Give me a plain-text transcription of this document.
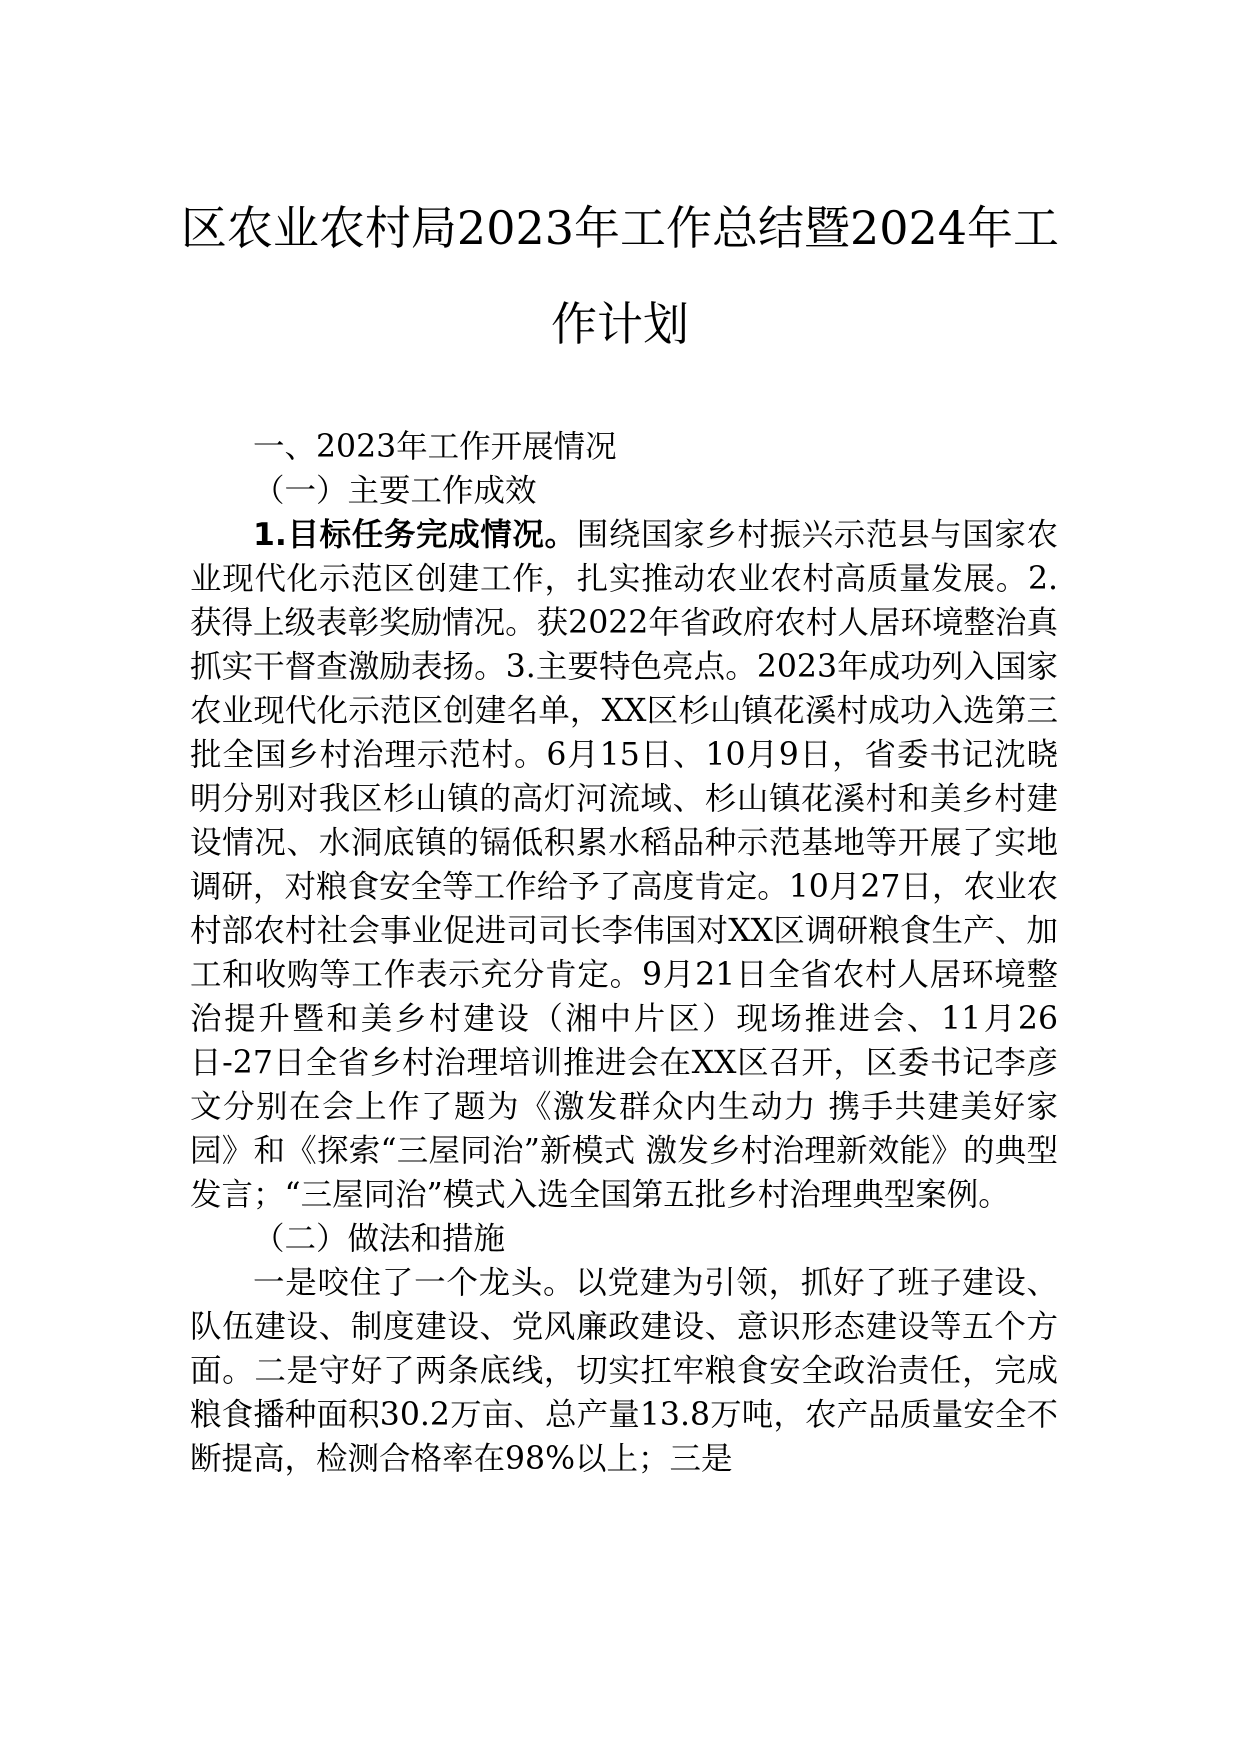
区农业农村局2023年工作总结暨2024年工
作计划

一、2023年工作开展情况

（一）主要工作成效

1.目标任务完成情况。围绕国家乡村振兴示范县与国家农业现代化示范区创建工作，扎实推动农业农村高质量发展。2.获得上级表彰奖励情况。获2022年省政府农村人居环境整治真抓实干督查激励表扬。3.主要特色亮点。2023年成功列入国家农业现代化示范区创建名单，XX区杉山镇花溪村成功入选第三批全国乡村治理示范村。6月15日、10月9日，省委书记沈晓明分别对我区杉山镇的高灯河流域、杉山镇花溪村和美乡村建设情况、水洞底镇的镉低积累水稻品种示范基地等开展了实地调研，对粮食安全等工作给予了高度肯定。10月27日，农业农村部农村社会事业促进司司长李伟国对XX区调研粮食生产、加工和收购等工作表示充分肯定。9月21日全省农村人居环境整治提升暨和美乡村建设（湘中片区）现场推进会、11月26日-27日全省乡村治理培训推进会在XX区召开，区委书记李彦文分别在会上作了题为《激发群众内生动力 携手共建美好家园》和《探索“三屋同治”新模式 激发乡村治理新效能》的典型发言；“三屋同治”模式入选全国第五批乡村治理典型案例。

（二）做法和措施

一是咬住了一个龙头。以党建为引领，抓好了班子建设、队伍建设、制度建设、党风廉政建设、意识形态建设等五个方面。二是守好了两条底线，切实扛牢粮食安全政治责任，完成粮食播种面积30.2万亩、总产量13.8万吨，农产品质量安全不断提高，检测合格率在98%以上；三是
